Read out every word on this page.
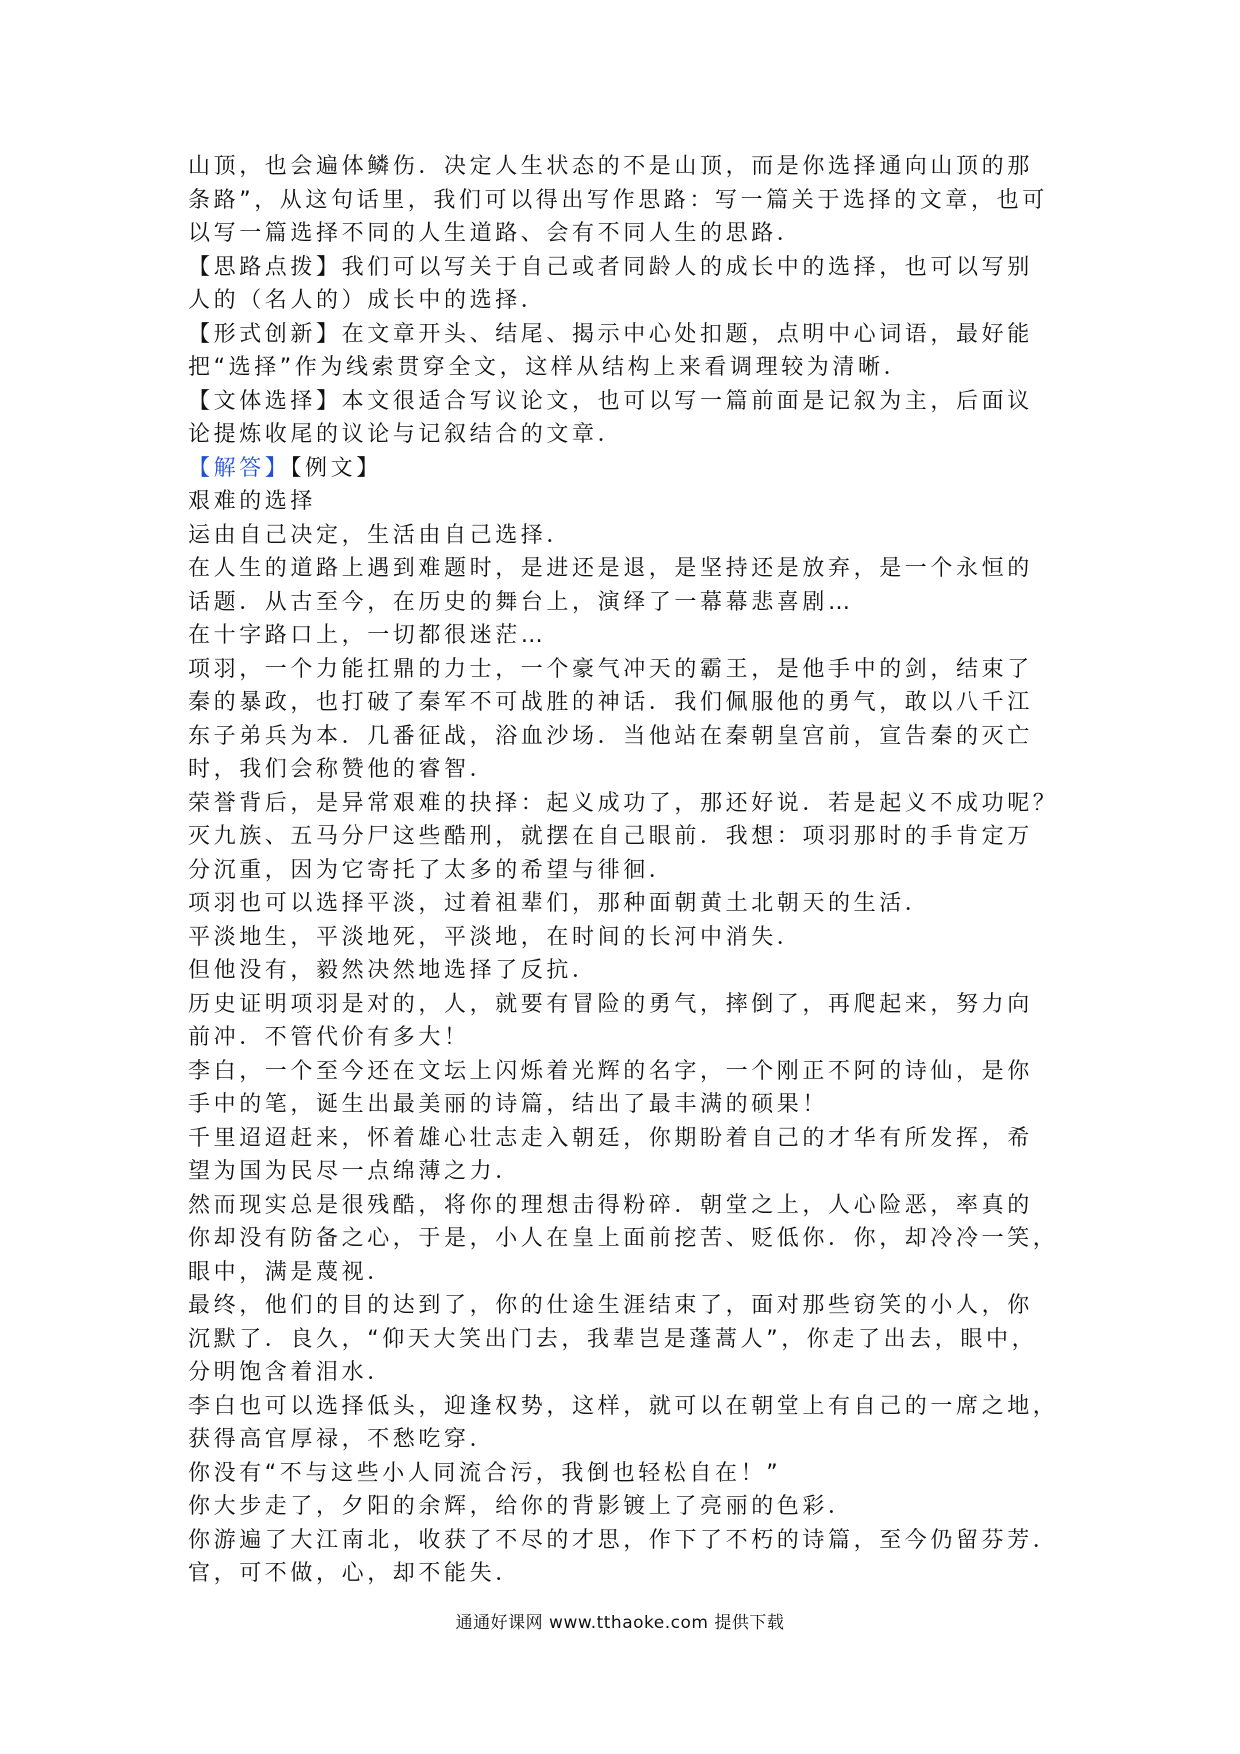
山顶，也会遍体鳞伤．决定人生状态的不是山顶，而是你选择通向山顶的那
条路”，从这句话里，我们可以得出写作思路：写一篇关于选择的文章，也可
以写一篇选择不同的人生道路、会有不同人生的思路．
【思路点拨】我们可以写关于自己或者同龄人的成长中的选择，也可以写别
人的（名人的）成长中的选择．
【形式创新】在文章开头、结尾、揭示中心处扣题，点明中心词语，最好能
把“选择”作为线索贯穿全文，这样从结构上来看调理较为清晰．
【文体选择】本文很适合写议论文，也可以写一篇前面是记叙为主，后面议
论提炼收尾的议论与记叙结合的文章．
【解答】【例文】
艰难的选择
运由自己决定，生活由自己选择．
在人生的道路上遇到难题时，是进还是退，是坚持还是放弃，是一个永恒的
话题．从古至今，在历史的舞台上，演绎了一幕幕悲喜剧…
在十字路口上，一切都很迷茫…
项羽，一个力能扛鼎的力士，一个豪气冲天的霸王，是他手中的剑，结束了
秦的暴政，也打破了秦军不可战胜的神话．我们佩服他的勇气，敢以八千江
东子弟兵为本．几番征战，浴血沙场．当他站在秦朝皇宫前，宣告秦的灭亡
时，我们会称赞他的睿智．
荣誉背后，是异常艰难的抉择：起义成功了，那还好说．若是起义不成功呢？
灭九族、五马分尸这些酷刑，就摆在自己眼前．我想：项羽那时的手肯定万
分沉重，因为它寄托了太多的希望与徘徊．
项羽也可以选择平淡，过着祖辈们，那种面朝黄土北朝天的生活．
平淡地生，平淡地死，平淡地，在时间的长河中消失．
但他没有，毅然决然地选择了反抗．
历史证明项羽是对的，人，就要有冒险的勇气，摔倒了，再爬起来，努力向
前冲．不管代价有多大！
李白，一个至今还在文坛上闪烁着光辉的名字，一个刚正不阿的诗仙，是你
手中的笔，诞生出最美丽的诗篇，结出了最丰满的硕果！
千里迢迢赶来，怀着雄心壮志走入朝廷，你期盼着自己的才华有所发挥，希
望为国为民尽一点绵薄之力．
然而现实总是很残酷，将你的理想击得粉碎．朝堂之上，人心险恶，率真的
你却没有防备之心，于是，小人在皇上面前挖苦、贬低你．你，却冷冷一笑，
眼中，满是蔑视．
最终，他们的目的达到了，你的仕途生涯结束了，面对那些窃笑的小人，你
沉默了．良久，“仰天大笑出门去，我辈岂是蓬蒿人”，你走了出去，眼中，
分明饱含着泪水．
李白也可以选择低头，迎逢权势，这样，就可以在朝堂上有自己的一席之地，
获得高官厚禄，不愁吃穿．
你没有“不与这些小人同流合污，我倒也轻松自在！”
你大步走了，夕阳的余辉，给你的背影镀上了亮丽的色彩．
你游遍了大江南北，收获了不尽的才思，作下了不朽的诗篇，至今仍留芬芳．
官，可不做，心，却不能失．
通通好课网 www.tthaoke.com 提供下载
